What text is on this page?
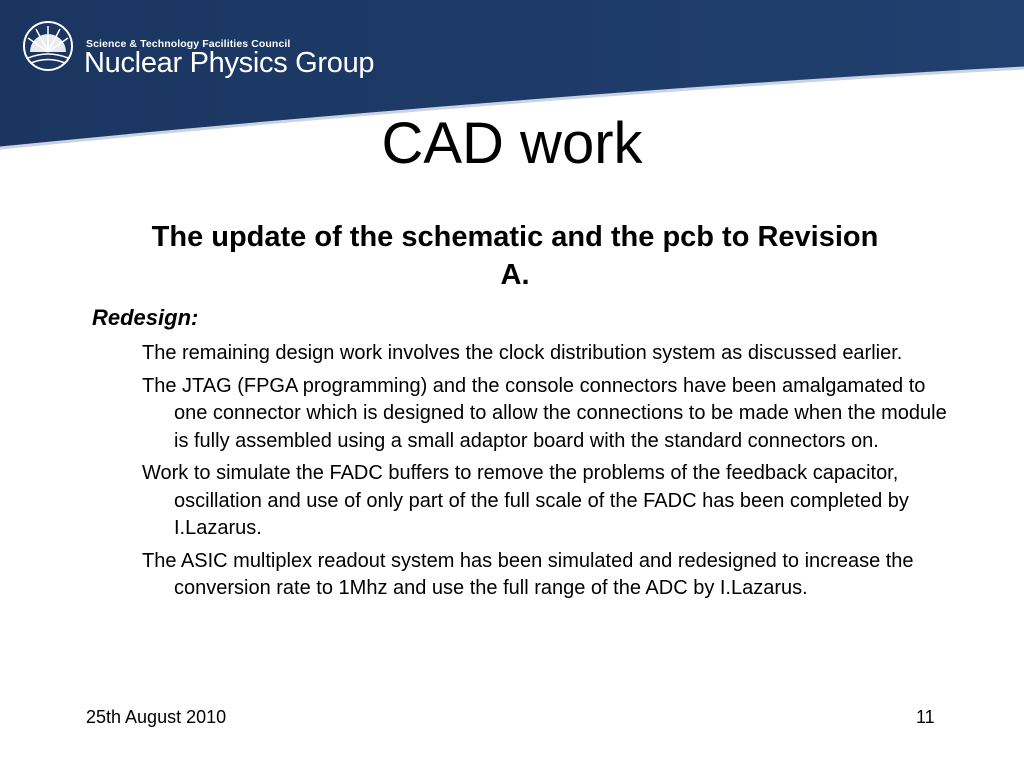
Science & Technology Facilities Council
Nuclear Physics Group
CAD work
The update of the schematic and the pcb to Revision A.
Redesign:
The remaining design work involves the clock distribution system as discussed earlier.
The JTAG (FPGA programming) and the console connectors have been amalgamated to one connector which is designed to allow the connections to be made when the module is fully assembled using a small adaptor board with the standard connectors on.
Work to simulate the FADC buffers to remove the problems of the feedback capacitor, oscillation and use of only part of the full scale of the FADC has been completed by I.Lazarus.
The ASIC multiplex readout system has been simulated and redesigned to increase the conversion rate to 1Mhz and use the full range of the ADC by I.Lazarus.
25th August 2010	11
